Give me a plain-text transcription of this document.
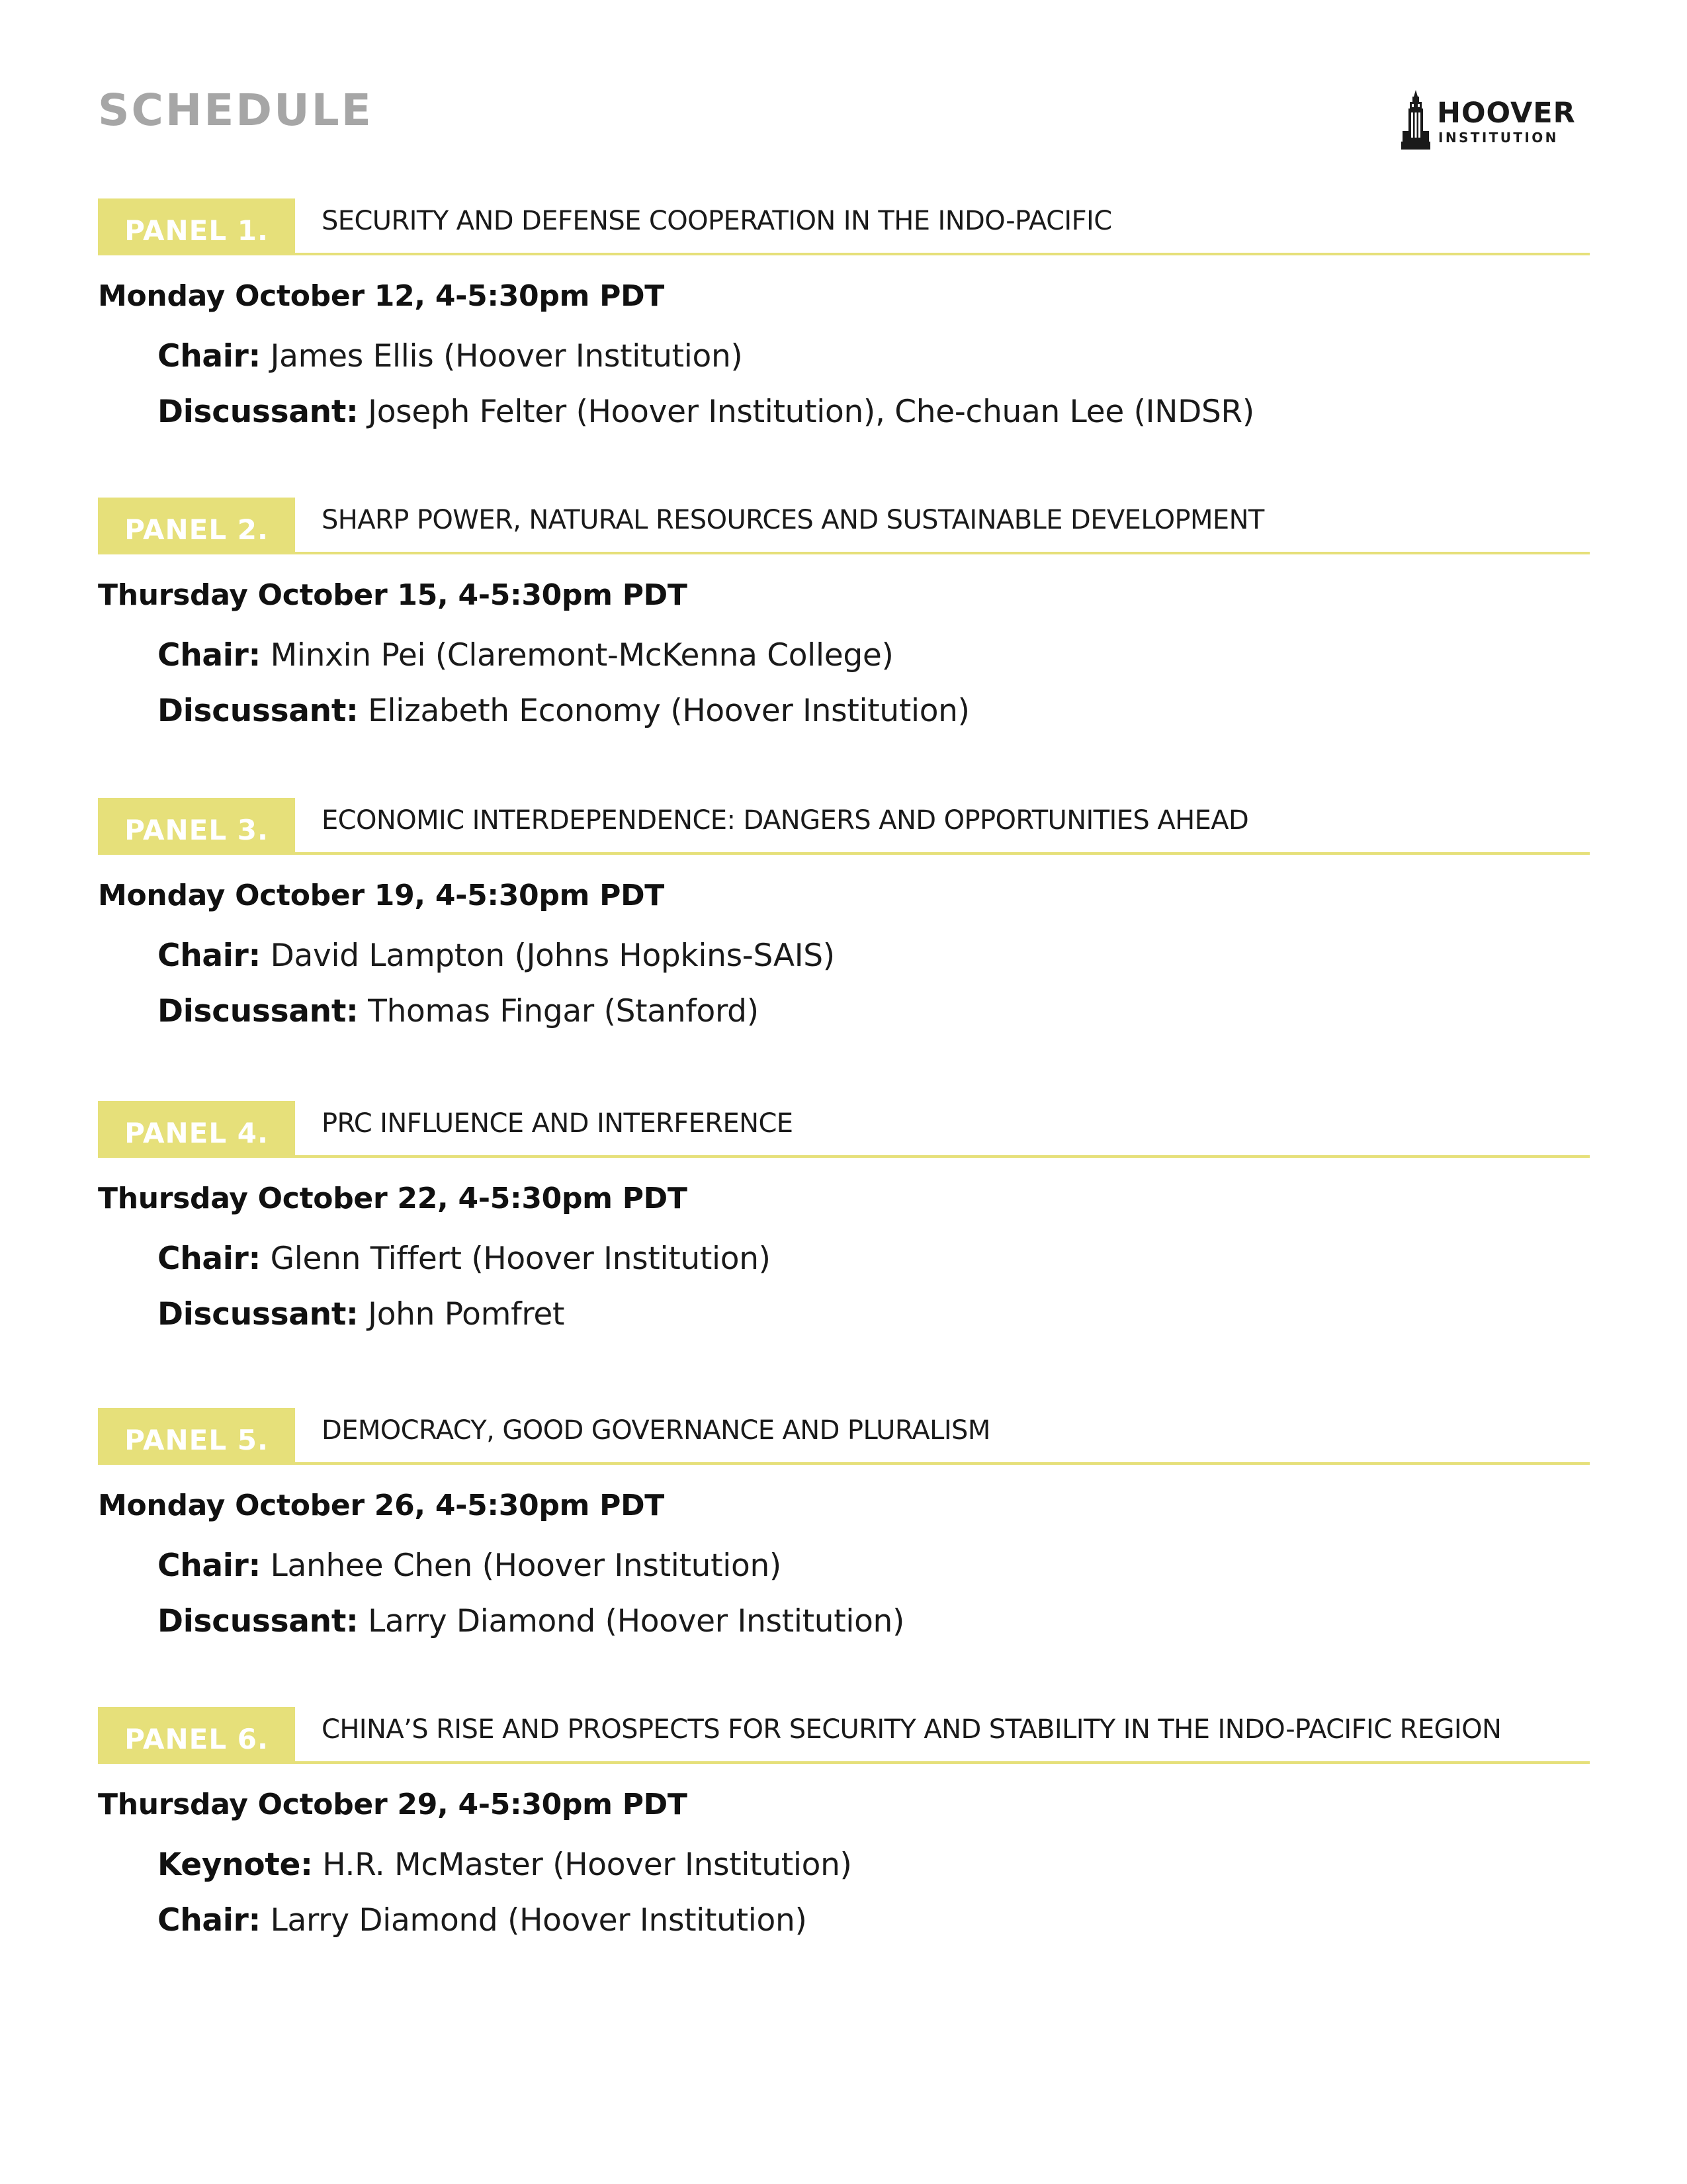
SCHEDULE	HOOVER
INSTITUTION
PANEL 1.	SECURITY AND DEFENSE COOPERATION IN THE INDO-PACIFIC
Monday October 12, 4-5:30pm PDT
Chair: James Ellis (Hoover Institution)
Discussant: Joseph Felter (Hoover Institution), Che-chuan Lee (INDSR)
PANEL 2.	SHARP POWER, NATURAL RESOURCES AND SUSTAINABLE DEVELOPMENT
Thursday October 15, 4-5:30pm PDT
Chair: Minxin Pei (Claremont-McKenna College)
Discussant: Elizabeth Economy (Hoover Institution)
PANEL 3.	ECONOMIC INTERDEPENDENCE: DANGERS AND OPPORTUNITIES AHEAD
Monday October 19, 4-5:30pm PDT
Chair: David Lampton (Johns Hopkins-SAIS)
Discussant: Thomas Fingar (Stanford)
PANEL 4.	PRC INFLUENCE AND INTERFERENCE
Thursday October 22, 4-5:30pm PDT
Chair: Glenn Tiffert (Hoover Institution)
Discussant: John Pomfret
PANEL 5.	DEMOCRACY, GOOD GOVERNANCE AND PLURALISM
Monday October 26, 4-5:30pm PDT
Chair: Lanhee Chen (Hoover Institution)
Discussant: Larry Diamond (Hoover Institution)
PANEL 6.	CHINA’S RISE AND PROSPECTS FOR SECURITY AND STABILITY IN THE INDO-PACIFIC REGION
Thursday October 29, 4-5:30pm PDT
Keynote: H.R. McMaster (Hoover Institution)
Chair: Larry Diamond (Hoover Institution)
